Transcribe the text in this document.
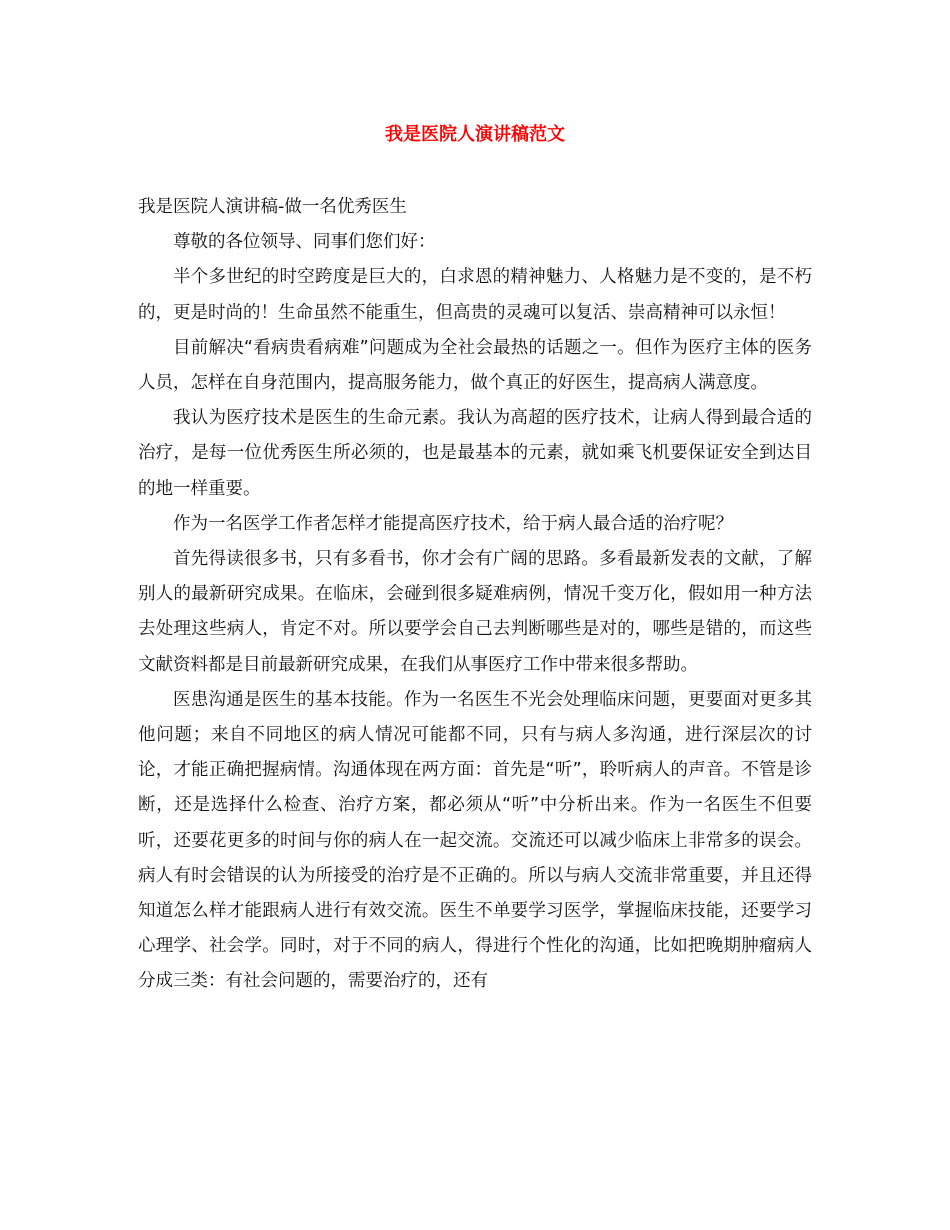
我是医院人演讲稿范文

我是医院人演讲稿-做一名优秀医生

尊敬的各位领导、同事们您们好：

半个多世纪的时空跨度是巨大的，白求恩的精神魅力、人格魅力是不变的，是不朽的，更是时尚的！生命虽然不能重生，但高贵的灵魂可以复活、崇高精神可以永恒！

目前解决“看病贵看病难”问题成为全社会最热的话题之一。但作为医疗主体的医务人员，怎样在自身范围内，提高服务能力，做个真正的好医生，提高病人满意度。

我认为医疗技术是医生的生命元素。我认为高超的医疗技术，让病人得到最合适的治疗，是每一位优秀医生所必须的，也是最基本的元素，就如乘飞机要保证安全到达目的地一样重要。

作为一名医学工作者怎样才能提高医疗技术，给于病人最合适的治疗呢？

首先得读很多书，只有多看书，你才会有广阔的思路。多看最新发表的文献，了解别人的最新研究成果。在临床，会碰到很多疑难病例，情况千变万化，假如用一种方法去处理这些病人，肯定不对。所以要学会自己去判断哪些是对的，哪些是错的，而这些文献资料都是目前最新研究成果，在我们从事医疗工作中带来很多帮助。

医患沟通是医生的基本技能。作为一名医生不光会处理临床问题，更要面对更多其他问题；来自不同地区的病人情况可能都不同，只有与病人多沟通，进行深层次的讨论，才能正确把握病情。沟通体现在两方面：首先是“听”，聆听病人的声音。不管是诊断，还是选择什么检查、治疗方案，都必须从“听”中分析出来。作为一名医生不但要听，还要花更多的时间与你的病人在一起交流。交流还可以减少临床上非常多的误会。病人有时会错误的认为所接受的治疗是不正确的。所以与病人交流非常重要，并且还得知道怎么样才能跟病人进行有效交流。医生不单要学习医学，掌握临床技能，还要学习心理学、社会学。同时，对于不同的病人，得进行个性化的沟通，比如把晚期肿瘤病人分成三类：有社会问题的，需要治疗的，还有
